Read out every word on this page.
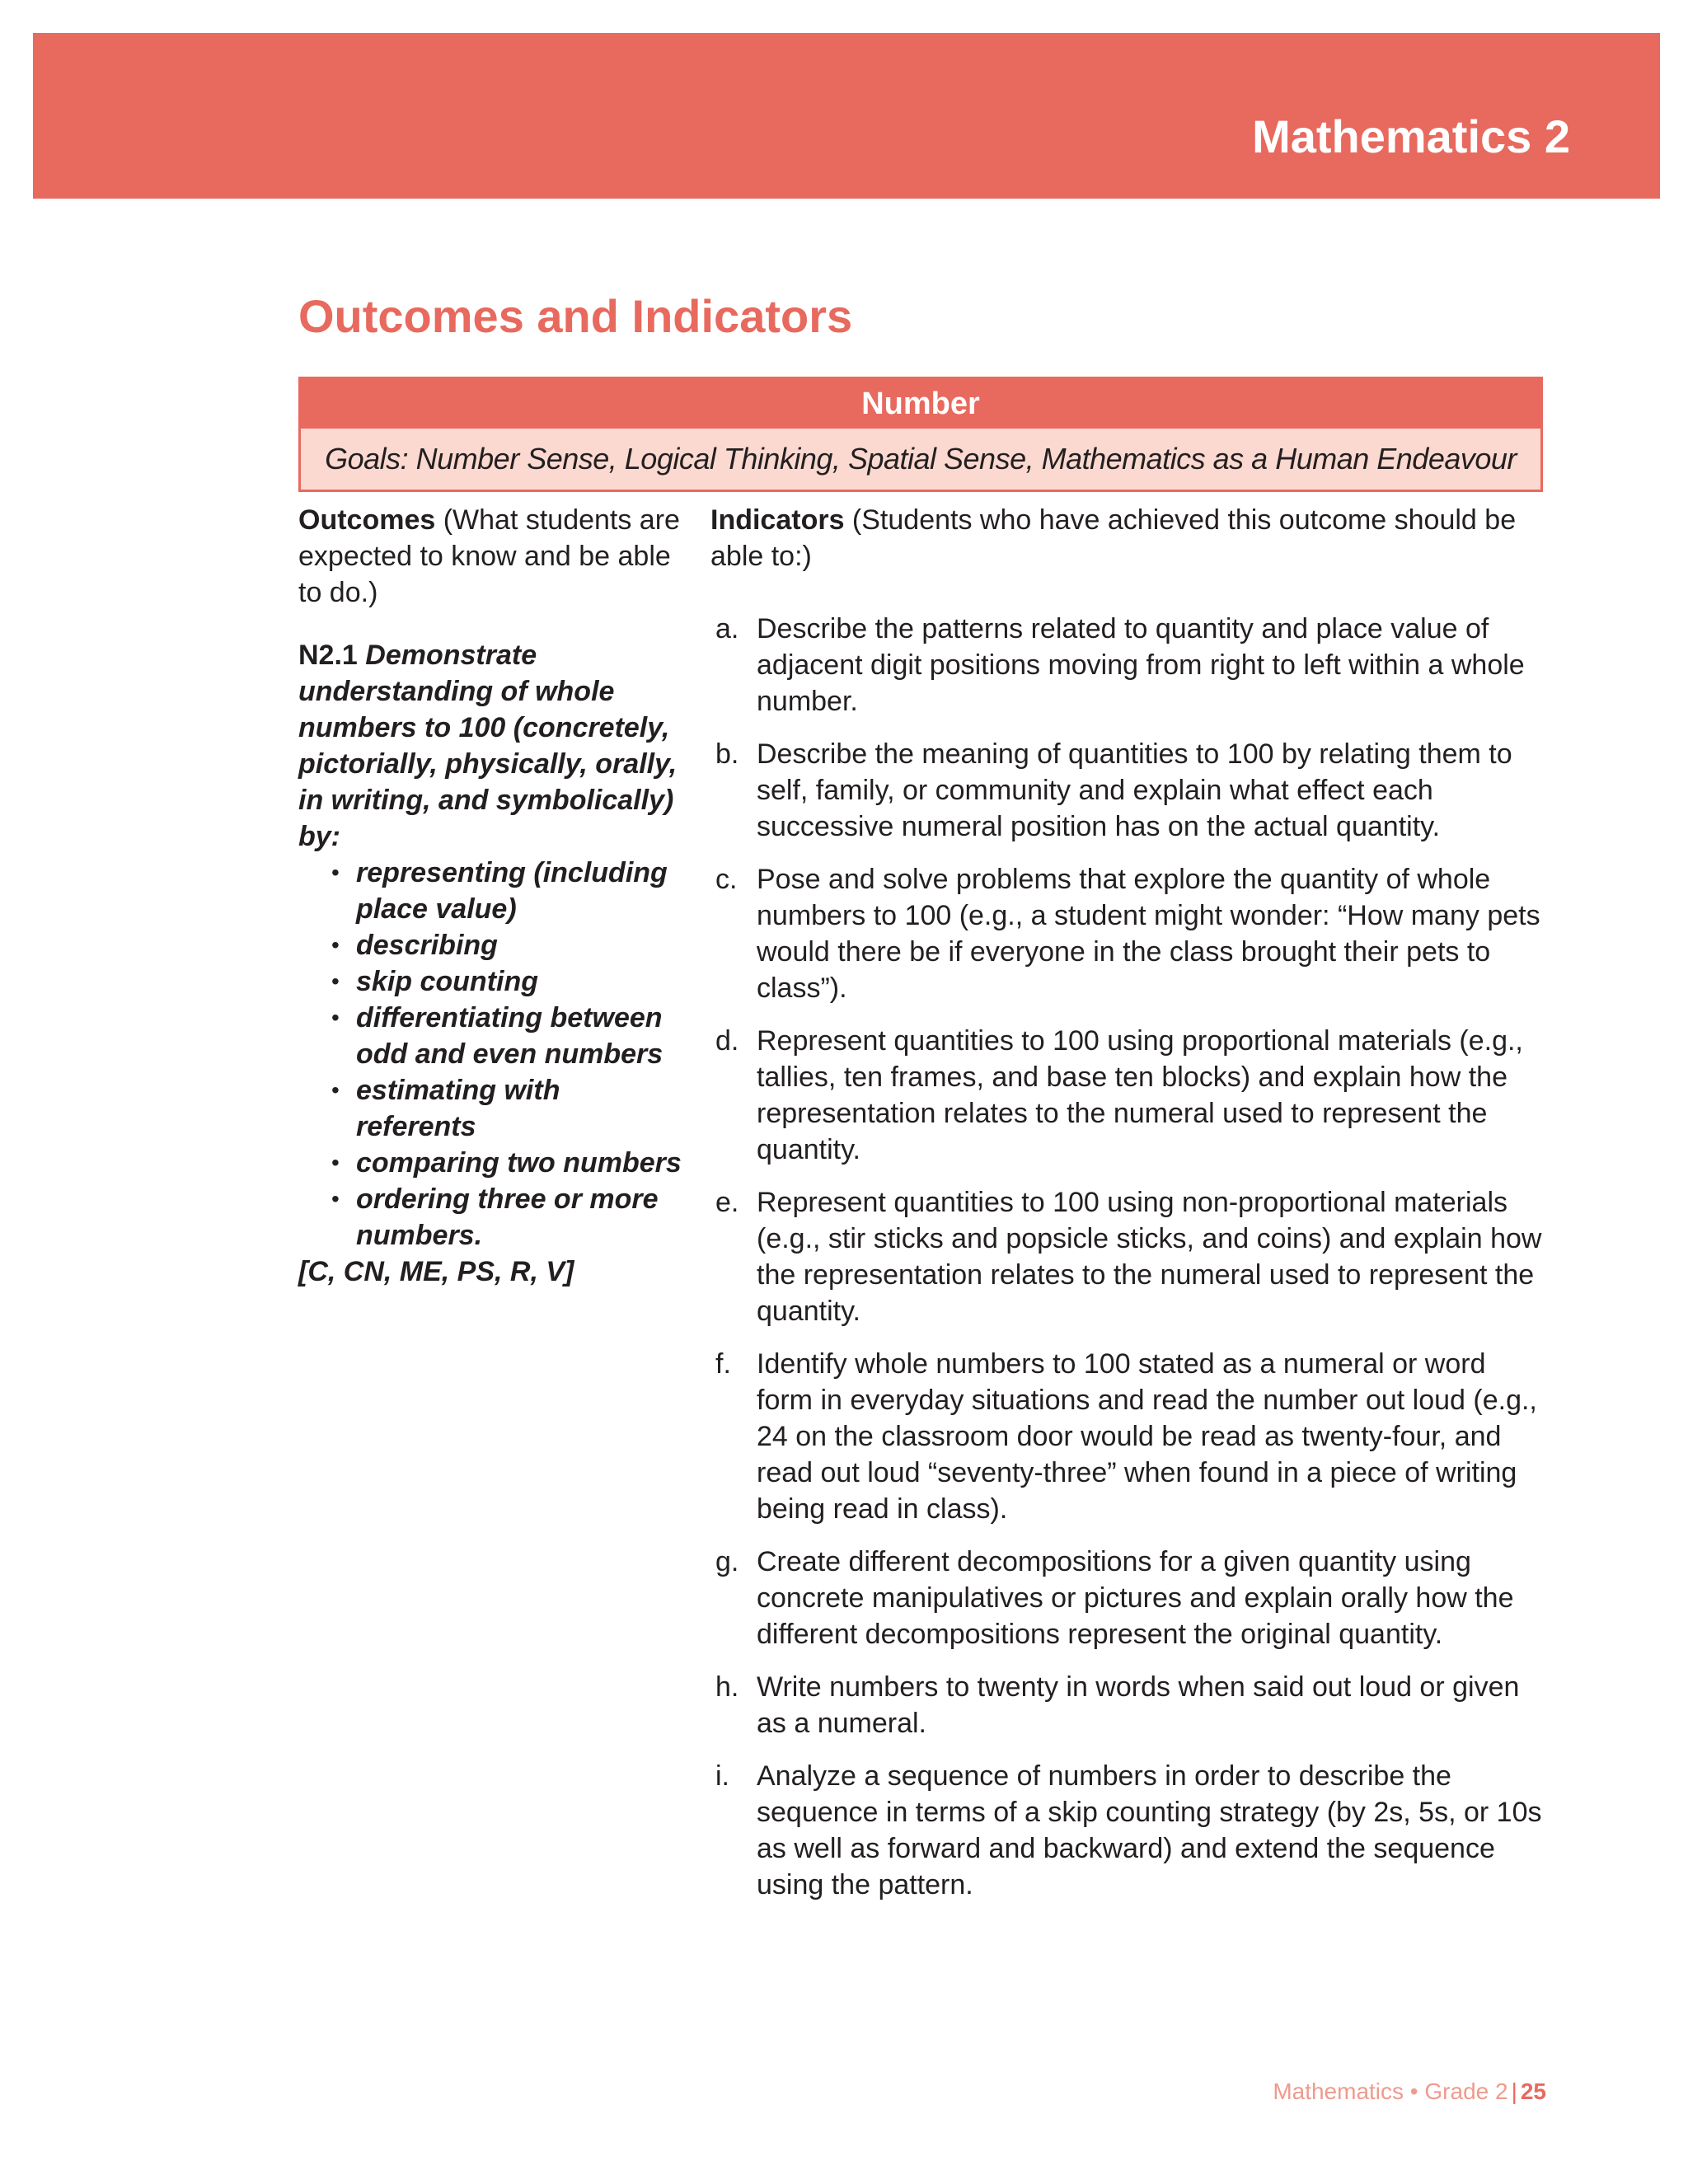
Mathematics 2
Outcomes and Indicators
Number
Goals: Number Sense, Logical Thinking, Spatial Sense, Mathematics as a Human Endeavour

Outcomes (What students are expected to know and be able to do.)

N2.1 Demonstrate understanding of whole numbers to 100 (concretely, pictorially, physically, orally, in writing, and symbolically) by:
• representing (including place value)
• describing
• skip counting
• differentiating between odd and even numbers
• estimating with referents
• comparing two numbers
• ordering three or more numbers.
[C, CN, ME, PS, R, V]

Indicators (Students who have achieved this outcome should be able to:)

a. Describe the patterns related to quantity and place value of adjacent digit positions moving from right to left within a whole number.
b. Describe the meaning of quantities to 100 by relating them to self, family, or community and explain what effect each successive numeral position has on the actual quantity.
c. Pose and solve problems that explore the quantity of whole numbers to 100 (e.g., a student might wonder: “How many pets would there be if everyone in the class brought their pets to class”).
d. Represent quantities to 100 using proportional materials (e.g., tallies, ten frames, and base ten blocks) and explain how the representation relates to the numeral used to represent the quantity.
e. Represent quantities to 100 using non-proportional materials (e.g., stir sticks and popsicle sticks, and coins) and explain how the representation relates to the numeral used to represent the quantity.
f. Identify whole numbers to 100 stated as a numeral or word form in everyday situations and read the number out loud (e.g., 24 on the classroom door would be read as twenty-four, and read out loud “seventy-three” when found in a piece of writing being read in class).
g. Create different decompositions for a given quantity using concrete manipulatives or pictures and explain orally how the different decompositions represent the original quantity.
h. Write numbers to twenty in words when said out loud or given as a numeral.
i. Analyze a sequence of numbers in order to describe the sequence in terms of a skip counting strategy (by 2s, 5s, or 10s as well as forward and backward) and extend the sequence using the pattern.
Mathematics • Grade 2 | 25
